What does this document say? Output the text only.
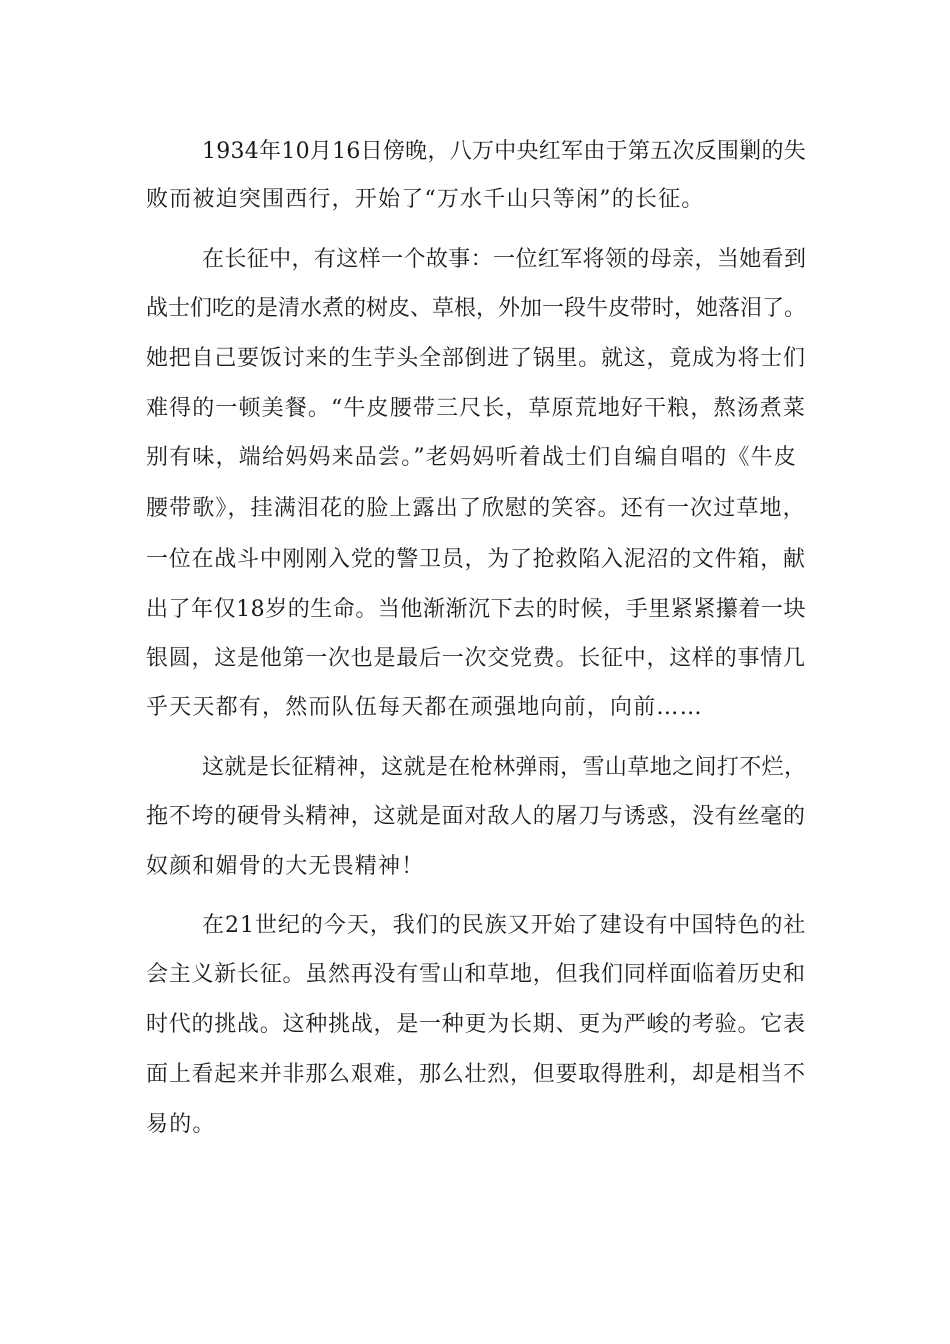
1934年10月16日傍晚，八万中央红军由于第五次反围剿的失
败而被迫突围西行，开始了“万水千山只等闲”的长征。
在长征中，有这样一个故事：一位红军将领的母亲，当她看到
战士们吃的是清水煮的树皮、草根，外加一段牛皮带时，她落泪了。
她把自己要饭讨来的生芋头全部倒进了锅里。就这，竟成为将士们
难得的一顿美餐。“牛皮腰带三尺长，草原荒地好干粮，熬汤煮菜
别有味，端给妈妈来品尝。”老妈妈听着战士们自编自唱的《牛皮
腰带歌》，挂满泪花的脸上露出了欣慰的笑容。还有一次过草地，
一位在战斗中刚刚入党的警卫员，为了抢救陷入泥沼的文件箱，献
出了年仅18岁的生命。当他渐渐沉下去的时候，手里紧紧攥着一块
银圆，这是他第一次也是最后一次交党费。长征中，这样的事情几
乎天天都有，然而队伍每天都在顽强地向前，向前……
这就是长征精神，这就是在枪林弹雨，雪山草地之间打不烂，
拖不垮的硬骨头精神，这就是面对敌人的屠刀与诱惑，没有丝毫的
奴颜和媚骨的大无畏精神！
在21世纪的今天，我们的民族又开始了建设有中国特色的社
会主义新长征。虽然再没有雪山和草地，但我们同样面临着历史和
时代的挑战。这种挑战，是一种更为长期、更为严峻的考验。它表
面上看起来并非那么艰难，那么壮烈，但要取得胜利，却是相当不
易的。
